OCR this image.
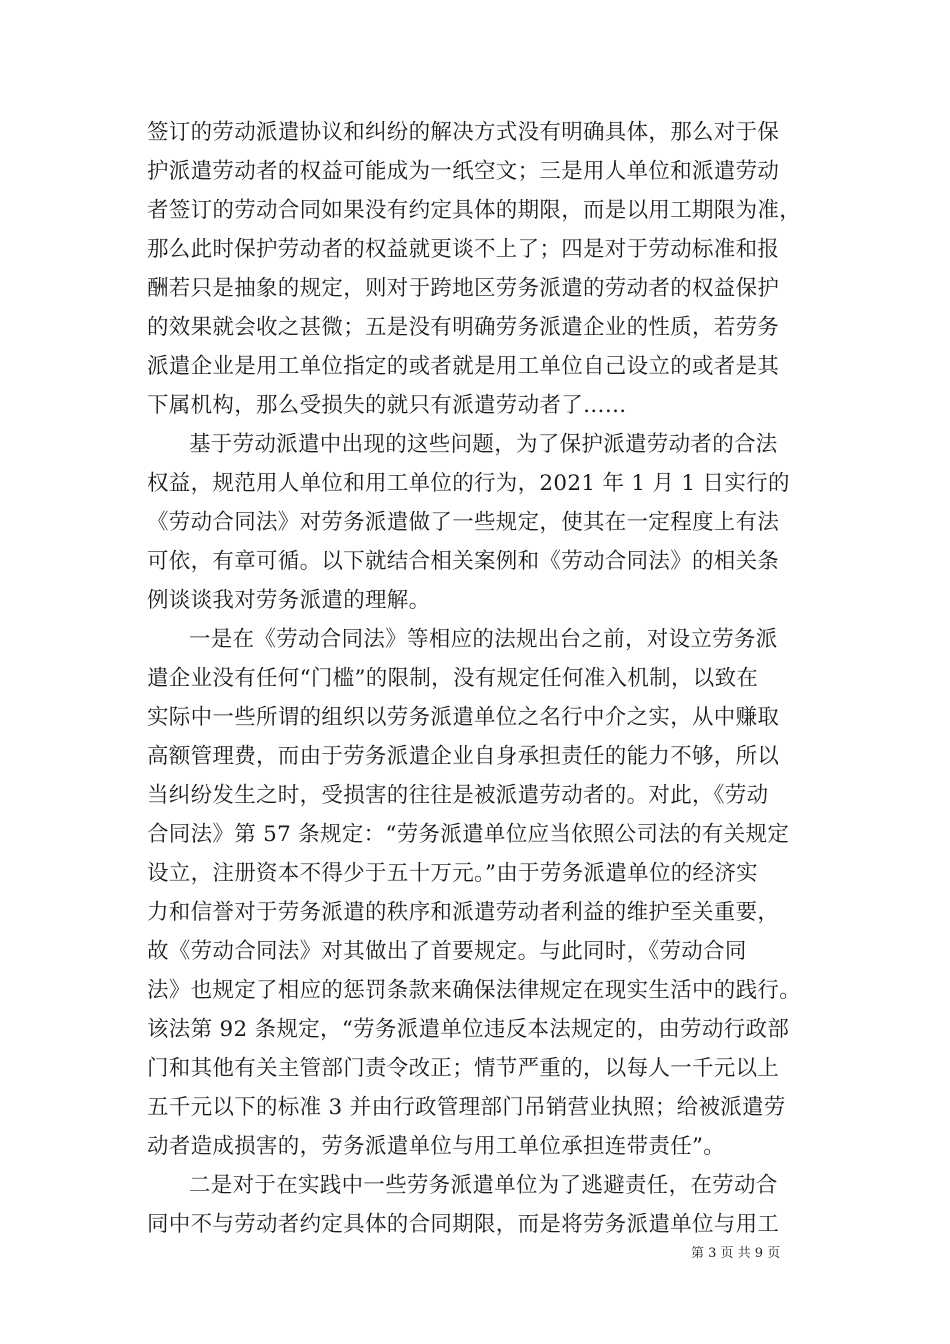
签订的劳动派遣协议和纠纷的解决方式没有明确具体，那么对于保
护派遣劳动者的权益可能成为一纸空文；三是用人单位和派遣劳动
者签订的劳动合同如果没有约定具体的期限，而是以用工期限为准，
那么此时保护劳动者的权益就更谈不上了；四是对于劳动标准和报
酬若只是抽象的规定，则对于跨地区劳务派遣的劳动者的权益保护
的效果就会收之甚微；五是没有明确劳务派遣企业的性质，若劳务
派遣企业是用工单位指定的或者就是用工单位自己设立的或者是其
下属机构，那么受损失的就只有派遣劳动者了……
基于劳动派遣中出现的这些问题，为了保护派遣劳动者的合法
权益，规范用人单位和用工单位的行为，2021 年 1 月 1 日实行的
《劳动合同法》对劳务派遣做了一些规定，使其在一定程度上有法
可依，有章可循。以下就结合相关案例和《劳动合同法》的相关条
例谈谈我对劳务派遣的理解。
一是在《劳动合同法》等相应的法规出台之前，对设立劳务派
遣企业没有任何“门槛”的限制，没有规定任何准入机制，以致在
实际中一些所谓的组织以劳务派遣单位之名行中介之实，从中赚取
高额管理费，而由于劳务派遣企业自身承担责任的能力不够，所以
当纠纷发生之时，受损害的往往是被派遣劳动者的。对此，《劳动
合同法》第 57 条规定：“劳务派遣单位应当依照公司法的有关规定
设立，注册资本不得少于五十万元。”由于劳务派遣单位的经济实
力和信誉对于劳务派遣的秩序和派遣劳动者利益的维护至关重要，
故《劳动合同法》对其做出了首要规定。与此同时，《劳动合同
法》也规定了相应的惩罚条款来确保法律规定在现实生活中的践行。
该法第 92 条规定，“劳务派遣单位违反本法规定的，由劳动行政部
门和其他有关主管部门责令改正；情节严重的，以每人一千元以上
五千元以下的标准 3 并由行政管理部门吊销营业执照；给被派遣劳
动者造成损害的，劳务派遣单位与用工单位承担连带责任”。
二是对于在实践中一些劳务派遣单位为了逃避责任，在劳动合
同中不与劳动者约定具体的合同期限，而是将劳务派遣单位与用工
第 3 页 共 9 页
